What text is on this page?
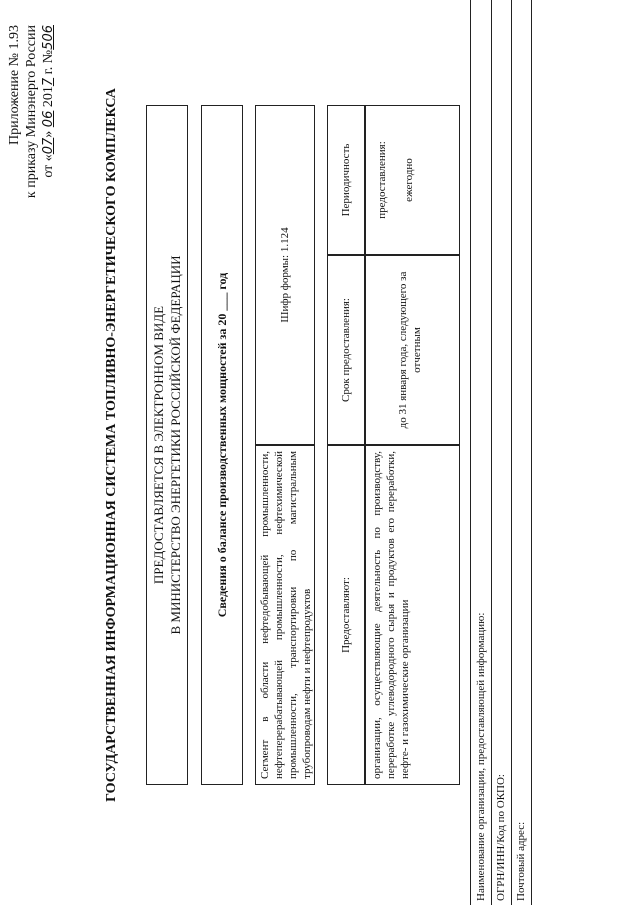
Приложение № 1.93 к приказу Минэнерго России от «07» 06 2017 г. №506
ГОСУДАРСТВЕННАЯ ИНФОРМАЦИОННАЯ СИСТЕМА ТОПЛИВНО-ЭНЕРГЕТИЧЕСКОГО КОМПЛЕКСА ПРЕДОСТАВЛЯЕТСЯ В ЭЛЕКТРОННОМ ВИДЕ В МИНИСТЕРСТВО ЭНЕРГЕТИКИ РОССИЙСКОЙ ФЕДЕРАЦИИ	Сведения о балансе производственных мощностей за 20 ___ год	Сегмент в области нефтедобывающей промышленности, нефтеперерабатывающей промышленности, нефтехимической промышленности, транспортировки по магистральным трубопроводам нефти и нефтепродуктов
Шифр формы: 1.124
Предоставляют:
Срок предоставления:
Периодичность предоставления:
организации, осуществляющие деятельность по производству, переработке углеводородного сырья и продуктов его переработки, нефте- и газохимические организации
до 31 января года, следующего за отчетным
ежегодно
Наименование организации, предоставляющей информацию: ОГРН/ИНН/Код по ОКПО: Почтовый адрес:
